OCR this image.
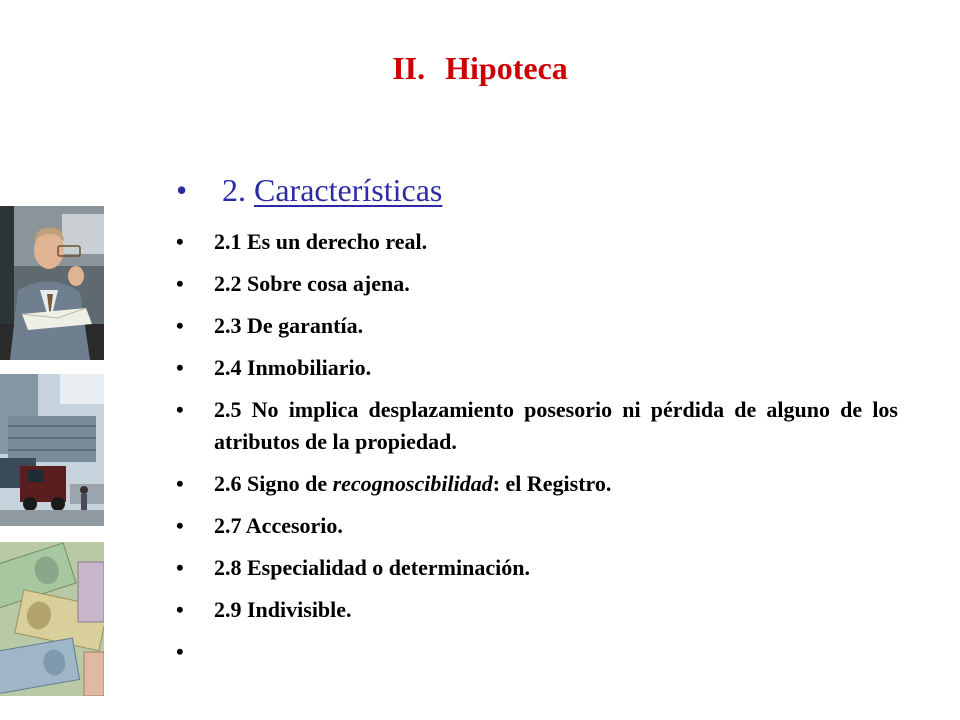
II. Hipoteca
• 2. Características
• 2.1 Es un derecho real.
• 2.2 Sobre cosa ajena.
• 2.3 De garantía.
• 2.4 Inmobiliario.
• 2.5 No implica desplazamiento posesorio ni pérdida de alguno de los atributos de la propiedad.
• 2.6 Signo de recognoscibilidad: el Registro.
• 2.7 Accesorio.
• 2.8 Especialidad o determinación.
• 2.9 Indivisible.
•
